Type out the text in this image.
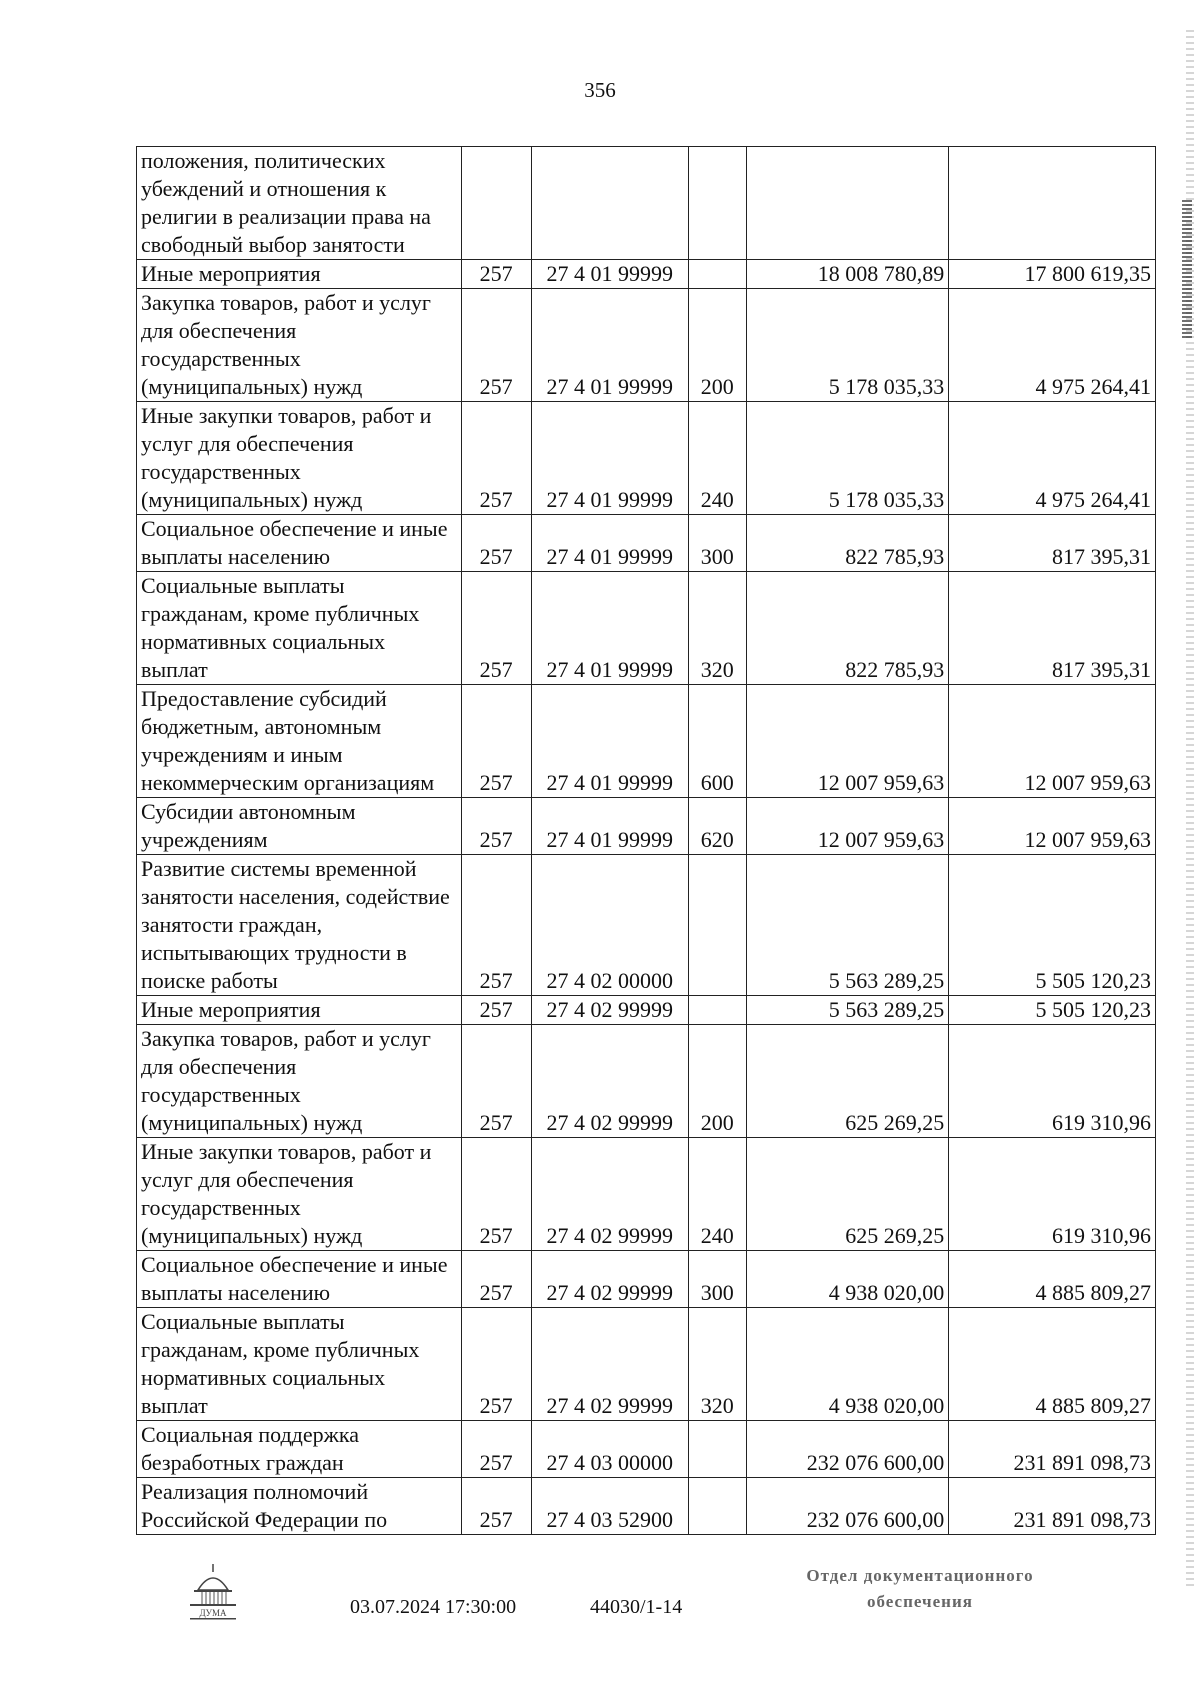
356
положения, политических убеждений и отношения к религии в реализации права на свободный выбор занятости					
Иные мероприятия	257	27 4 01 99999		18 008 780,89	17 800 619,35
Закупка товаров, работ и услуг для обеспечения государственных (муниципальных) нужд	257	27 4 01 99999	200	5 178 035,33	4 975 264,41
Иные закупки товаров, работ и услуг для обеспечения государственных (муниципальных) нужд	257	27 4 01 99999	240	5 178 035,33	4 975 264,41
Социальное обеспечение и иные выплаты населению	257	27 4 01 99999	300	822 785,93	817 395,31
Социальные выплаты гражданам, кроме публичных нормативных социальных выплат	257	27 4 01 99999	320	822 785,93	817 395,31
Предоставление субсидий бюджетным, автономным учреждениям и иным некоммерческим организациям	257	27 4 01 99999	600	12 007 959,63	12 007 959,63
Субсидии автономным учреждениям	257	27 4 01 99999	620	12 007 959,63	12 007 959,63
Развитие системы временной занятости населения, содействие занятости граждан, испытывающих трудности в поиске работы	257	27 4 02 00000		5 563 289,25	5 505 120,23
Иные мероприятия	257	27 4 02 99999		5 563 289,25	5 505 120,23
Закупка товаров, работ и услуг для обеспечения государственных (муниципальных) нужд	257	27 4 02 99999	200	625 269,25	619 310,96
Иные закупки товаров, работ и услуг для обеспечения государственных (муниципальных) нужд	257	27 4 02 99999	240	625 269,25	619 310,96
Социальное обеспечение и иные выплаты населению	257	27 4 02 99999	300	4 938 020,00	4 885 809,27
Социальные выплаты гражданам, кроме публичных нормативных социальных выплат	257	27 4 02 99999	320	4 938 020,00	4 885 809,27
Социальная поддержка безработных граждан	257	27 4 03 00000		232 076 600,00	231 891 098,73
Реализация полномочий Российской Федерации по	257	27 4 03 52900		232 076 600,00	231 891 098,73
ДУМА	03.07.2024 17:30:00	44030/1-14
Отдел документационного
обеспечения
